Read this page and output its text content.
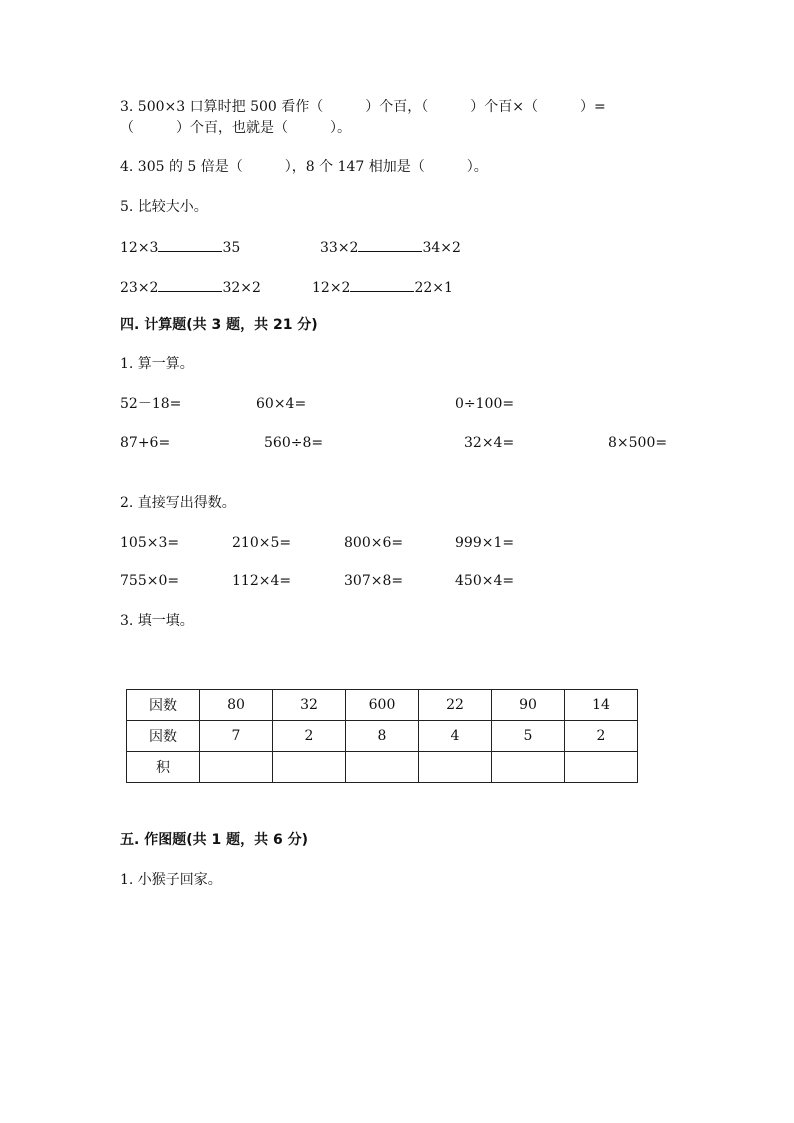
3. 500×3 口算时把 500 看作（　　　）个百，（　　　）个百×（　　　）=
（　　　）个百，也就是（　　　）。
4. 305 的 5 倍是（　　　），8 个 147 相加是（　　　）。
5. 比较大小。
12×3	35	33×2	34×2
23×2	32×2	12×2	22×1
四. 计算题(共 3 题，共 21 分)
1. 算一算。
52－18=	60×4=	0÷100=
87+6=	560÷8=	32×4=	8×500=
2. 直接写出得数。
105×3=	210×5=	800×6=	999×1=
755×0=	112×4=	307×8=	450×4=
3. 填一填。
因数	80	32	600	22	90	14
因数	7	2	8	4	5	2
积						
五. 作图题(共 1 题，共 6 分)
1. 小猴子回家。
